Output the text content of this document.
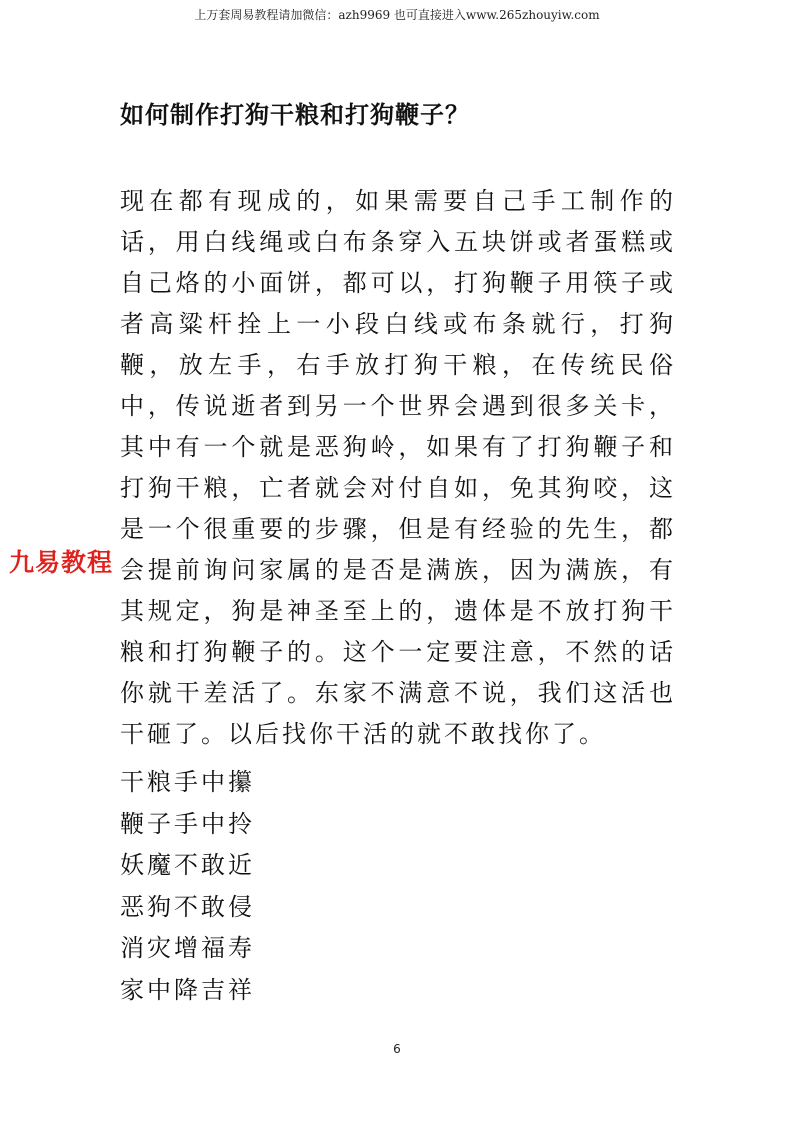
上万套周易教程请加微信：azh9969 也可直接进入www.265zhouyiw.com
如何制作打狗干粮和打狗鞭子？

现在都有现成的，如果需要自己手工制作的话，用白线绳或白布条穿入五块饼或者蛋糕或自己烙的小面饼，都可以，打狗鞭子用筷子或者高粱杆拴上一小段白线或布条就行，打狗鞭，放左手，右手放打狗干粮，在传统民俗中，传说逝者到另一个世界会遇到很多关卡，其中有一个就是恶狗岭，如果有了打狗鞭子和打狗干粮，亡者就会对付自如，免其狗咬，这是一个很重要的步骤，但是有经验的先生，都会提前询问家属的是否是满族，因为满族，有其规定，狗是神圣至上的，遗体是不放打狗干粮和打狗鞭子的。这个一定要注意，不然的话你就干差活了。东家不满意不说，我们这活也干砸了。以后找你干活的就不敢找你了。

干粮手中攥
鞭子手中拎
妖魔不敢近
恶狗不敢侵
消灾增福寿
家中降吉祥
九易教程
6
